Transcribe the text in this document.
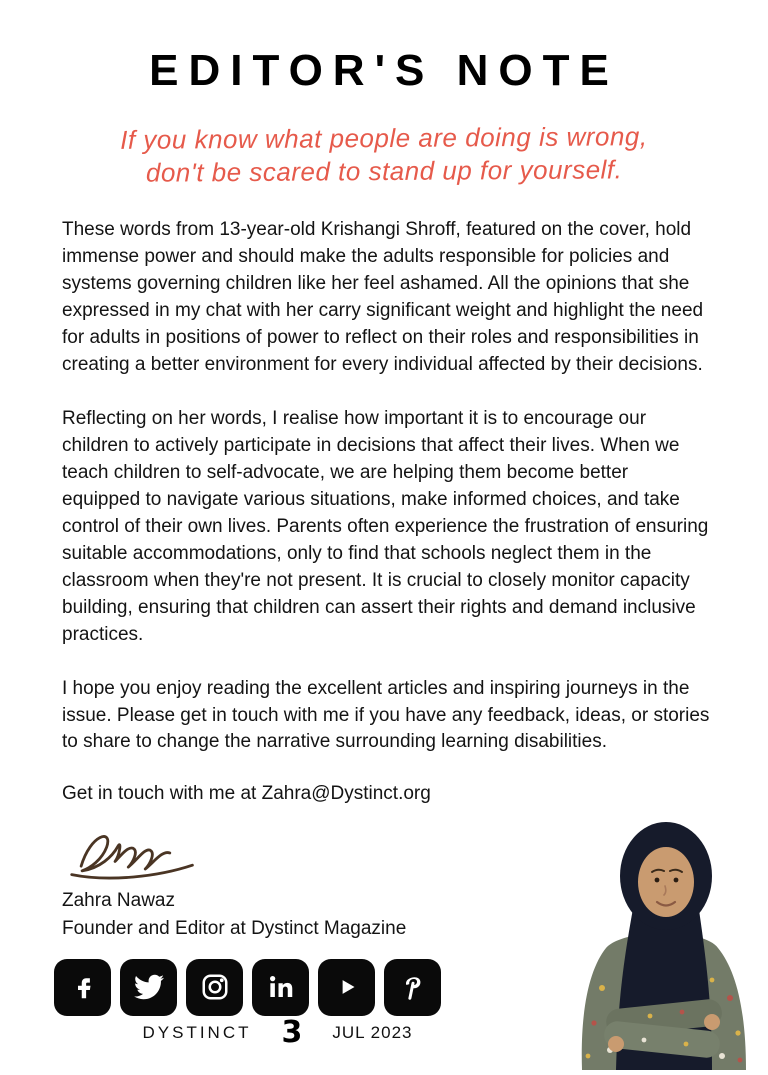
EDITOR'S NOTE
If you know what people are doing is wrong,
don't be scared to stand up for yourself.

These words from 13-year-old Krishangi Shroff, featured on the cover, hold immense power and should make the adults responsible for policies and systems governing children like her feel ashamed. All the opinions that she expressed in my chat with her carry significant weight and highlight the need for adults in positions of power to reflect on their roles and responsibilities in creating a better environment for every individual affected by their decisions.

Reflecting on her words, I realise how important it is to encourage our children to actively participate in decisions that affect their lives. When we teach children to self-advocate, we are helping them become better equipped to navigate various situations, make informed choices, and take control of their own lives. Parents often experience the frustration of ensuring suitable accommodations, only to find that schools neglect them in the classroom when they're not present. It is crucial to closely monitor capacity building, ensuring that children can assert their rights and demand inclusive practices.

I hope you enjoy reading the excellent articles and inspiring journeys in the issue. Please get in touch with me if you have any feedback, ideas, or stories to share to change the narrative surrounding learning disabilities.

Get in touch with me at Zahra@Dystinct.org
Zahra Nawaz
Founder and Editor at Dystinct Magazine
DYSTINCT 3 JUL 2023
